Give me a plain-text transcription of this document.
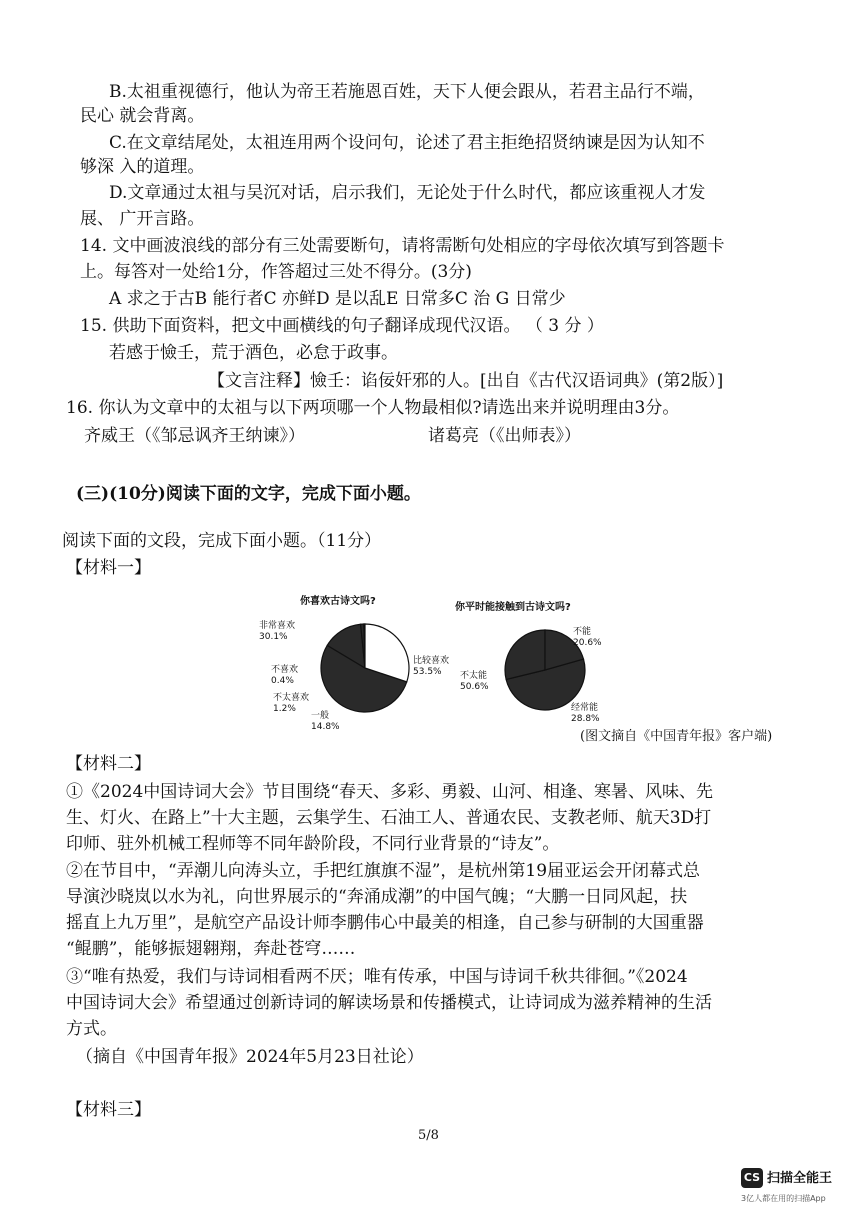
B.太祖重视德行，他认为帝王若施恩百姓，天下人便会跟从，若君主品行不端，
民心 就会背离。
C.在文章结尾处，太祖连用两个设问句，论述了君主拒绝招贤纳谏是因为认知不
够深 入的道理。
D.文章通过太祖与吴沉对话，启示我们，无论处于什么时代，都应该重视人才发
展、 广开言路。
14. 文中画波浪线的部分有三处需要断句，请将需断句处相应的字母依次填写到答题卡
上。每答对一处给1分，作答超过三处不得分。(3分)
A 求之于古B 能行者C 亦鲜D 是以乱E 日常多C 治 G 日常少
15. 供助下面资料，把文中画横线的句子翻译成现代汉语。 （ 3 分 ）
若感于憸壬，荒于酒色，必怠于政事。
【文言注释】憸壬：谄佞奸邪的人。[出自《古代汉语词典》(第2版）]
16. 你认为文章中的太祖与以下两项哪一个人物最相似?请选出来并说明理由3分。
齐威王（《邹忌讽齐王纳谏》）	诸葛亮（《出师表》）
(三)(10分)阅读下面的文字，完成下面小题。
阅读下面的文段，完成下面小题。（11分）
【材料一】
你喜欢古诗文吗?
比较喜欢
53.5%
一般
14.8%
不太喜欢
1.2%
不喜欢
0.4%
非常喜欢
30.1%
你平时能接触到古诗文吗?
不太能
50.6%
经常能
28.8%
不能
20.6%
(图文摘自《中国青年报》客户端)
【材料二】
①《2024中国诗词大会》节目围绕“春天、多彩、勇毅、山河、相逢、寒暑、风味、先
生、灯火、在路上”十大主题，云集学生、石油工人、普通农民、支教老师、航天3D打
印师、驻外机械工程师等不同年龄阶段，不同行业背景的“诗友”。
②在节目中，“弄潮儿向涛头立，手把红旗旗不湿”，是杭州第19届亚运会开闭幕式总
导演沙晓岚以水为礼，向世界展示的“奔涌成潮”的中国气魄；“大鹏一日同风起，扶
摇直上九万里”，是航空产品设计师李鹏伟心中最美的相逢，自己参与研制的大国重器
“鲲鹏”，能够振翅翱翔，奔赴苍穹……
③“唯有热爱，我们与诗词相看两不厌；唯有传承，中国与诗词千秋共徘徊。”《2024
中国诗词大会》希望通过创新诗词的解读场景和传播模式，让诗词成为滋养精神的生活
方式。
（摘自《中国青年报》2024年5月23日社论）
【材料三】
5/8
CS 扫描全能王
3亿人都在用的扫描App
